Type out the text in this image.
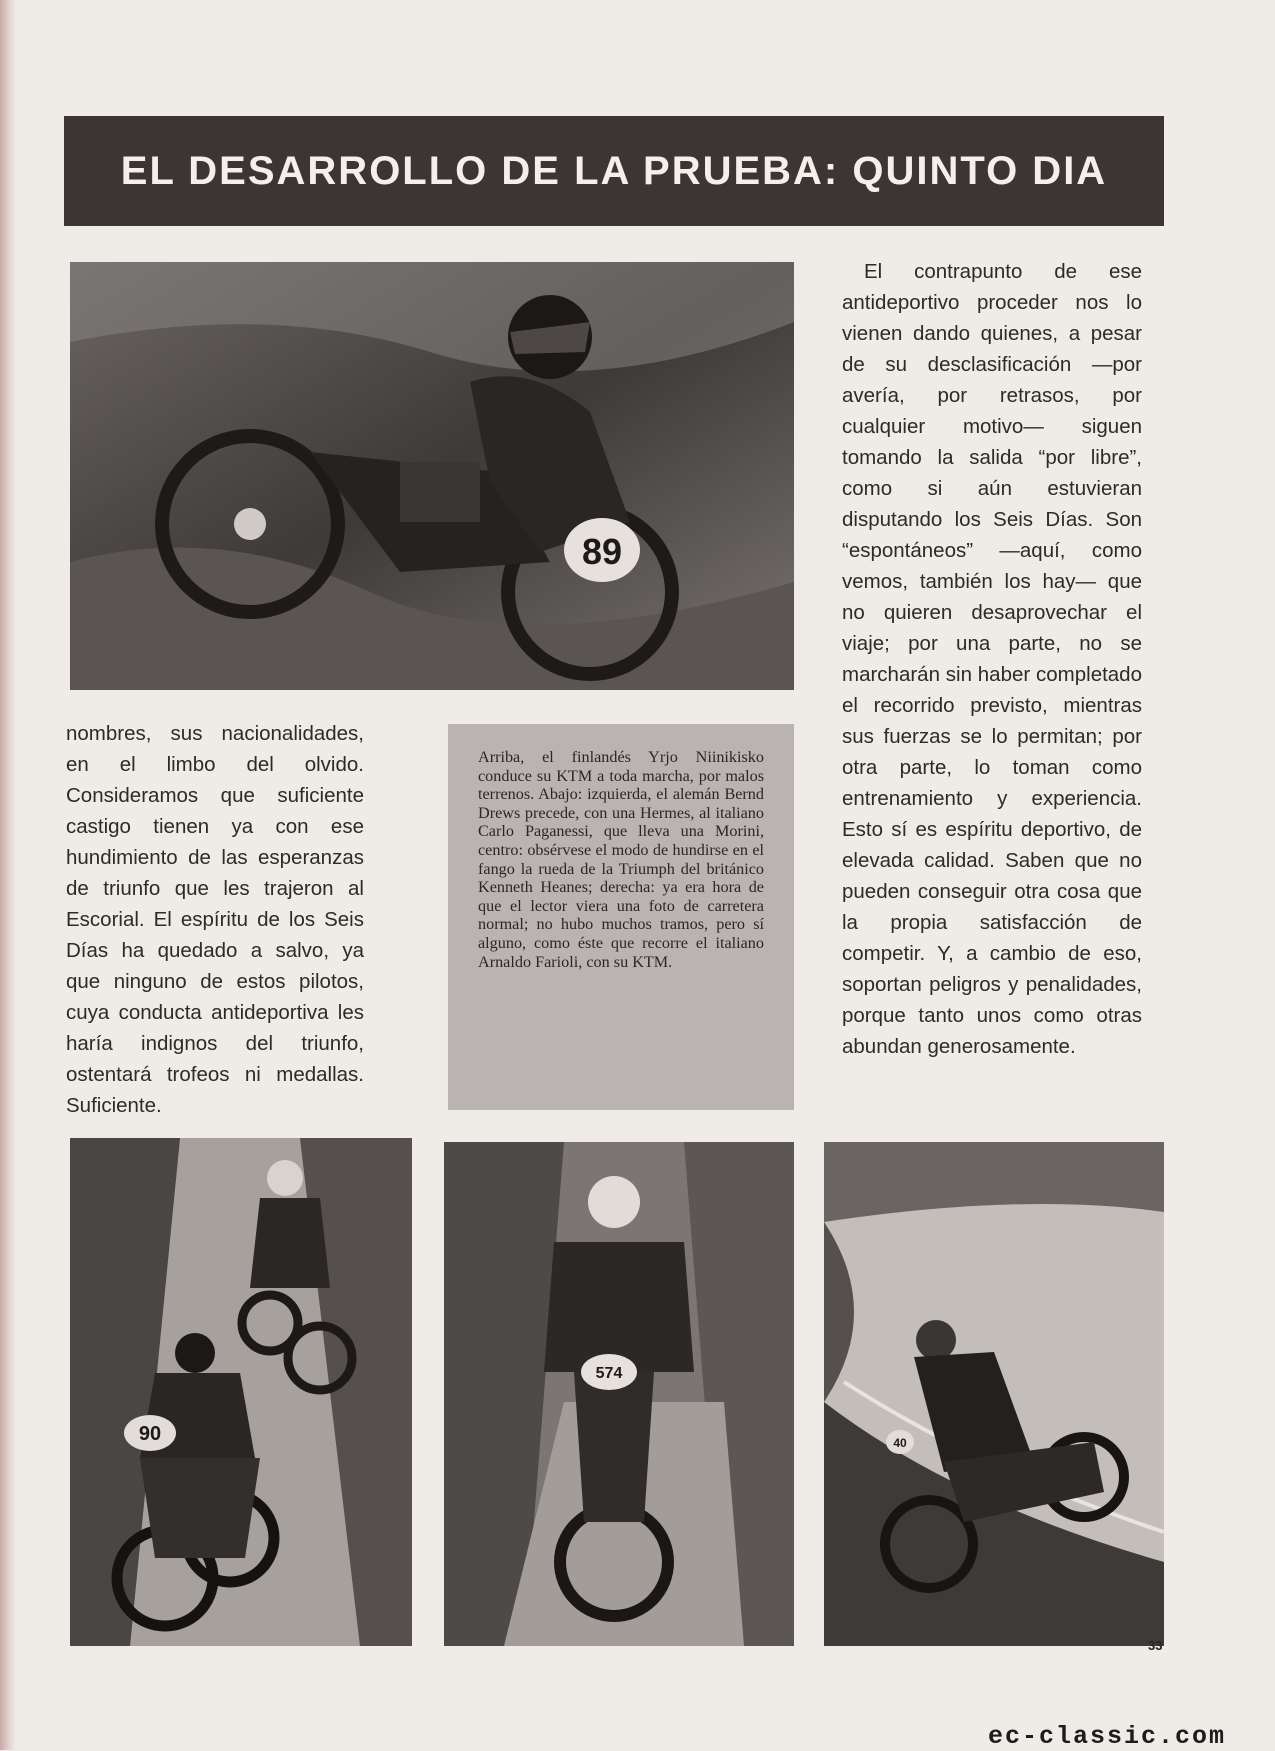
EL DESARROLLO DE LA PRUEBA: QUINTO DIA
89

El contrapunto de ese antideportivo proceder nos lo vienen dando quienes, a pesar de su desclasificación —por avería, por retrasos, por cualquier motivo— siguen tomando la salida “por libre”, como si aún estuvieran disputando los Seis Días. Son “espontáneos” —aquí, como vemos, también los hay— que no quieren desaprovechar el viaje; por una parte, no se marcharán sin haber completado el recorrido previsto, mientras sus fuerzas se lo permitan; por otra parte, lo toman como entrenamiento y experiencia. Esto sí es espíritu deportivo, de elevada calidad. Saben que no pueden conseguir otra cosa que la propia satisfacción de competir. Y, a cambio de eso, soportan peligros y penalidades, porque tanto unos como otras abundan generosamente.

nombres, sus nacionalidades, en el limbo del olvido. Consideramos que suficiente castigo tienen ya con ese hundimiento de las esperanzas de triunfo que les trajeron al Escorial. El espíritu de los Seis Días ha quedado a salvo, ya que ninguno de estos pilotos, cuya conducta antideportiva les haría indignos del triunfo, ostentará trofeos ni medallas. Suficiente.

Arriba, el finlandés Yrjo Niinikisko conduce su KTM a toda marcha, por malos terrenos. Abajo: izquierda, el alemán Bernd Drews precede, con una Hermes, al italiano Carlo Paganessi, que lleva una Morini, centro: obsérvese el modo de hundirse en el fango la rueda de la Triumph del británico Kenneth Heanes; derecha: ya era hora de que el lector viera una foto de carretera normal; no hubo muchos tramos, pero sí alguno, como éste que recorre el italiano Arnaldo Farioli, con su KTM.

90
574
40
33
ec-classic.com
